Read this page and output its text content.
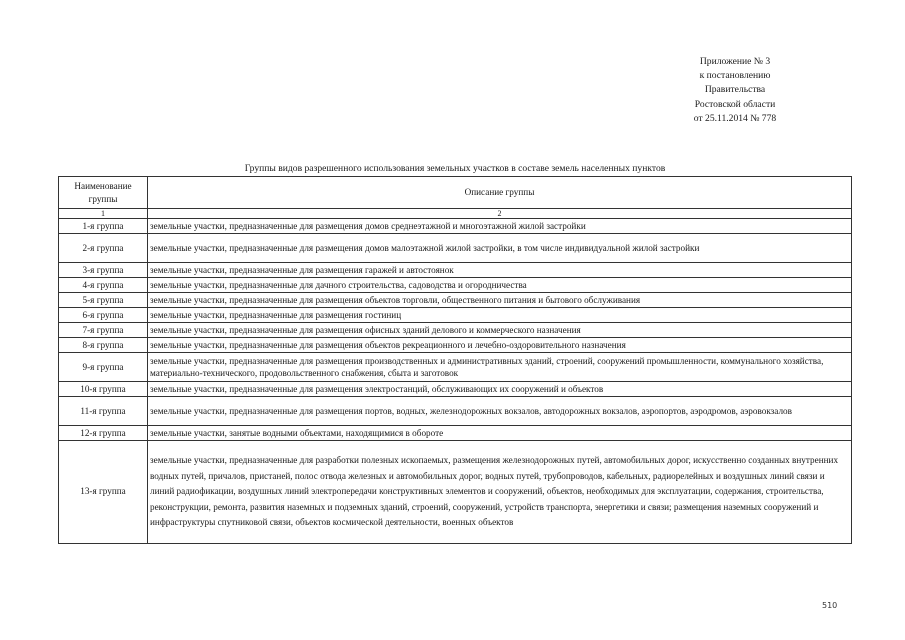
Приложение № 3
к постановлению
Правительства
Ростовской области
от 25.11.2014 № 778
Группы видов разрешенного использования земельных участков в составе земель населенных пунктов
Наименование группы	Описание группы
1	2
1-я группа	земельные участки, предназначенные для размещения домов среднеэтажной и многоэтажной жилой застройки
2-я группа	земельные участки, предназначенные для размещения домов малоэтажной жилой застройки, в том числе индивидуальной жилой застройки
3-я группа	земельные участки, предназначенные для размещения гаражей и автостоянок
4-я группа	земельные участки, предназначенные для дачного строительства, садоводства и огородничества
5-я группа	земельные участки, предназначенные для размещения объектов торговли, общественного питания и бытового обслуживания
6-я группа	земельные участки, предназначенные для размещения гостиниц
7-я группа	земельные участки, предназначенные для размещения офисных зданий делового и коммерческого назначения
8-я группа	земельные участки, предназначенные для размещения объектов рекреационного и лечебно-оздоровительного назначения
9-я группа	земельные участки, предназначенные для размещения производственных и административных зданий, строений, сооружений промышленности, коммунального хозяйства, материально-технического, продовольственного снабжения, сбыта и заготовок
10-я группа	земельные участки, предназначенные для размещения электростанций, обслуживающих их сооружений и объектов
11-я группа	земельные участки, предназначенные для размещения портов, водных, железнодорожных вокзалов, автодорожных вокзалов, аэропортов, аэродромов, аэровокзалов
12-я группа	земельные участки, занятые водными объектами, находящимися в обороте
13-я группа	земельные участки, предназначенные для разработки полезных ископаемых, размещения железнодорожных путей, автомобильных дорог, искусственно созданных внутренних водных путей, причалов, пристаней, полос отвода железных и автомобильных дорог, водных путей, трубопроводов, кабельных, радиорелейных и воздушных линий связи и линий радиофикации, воздушных линий электропередачи конструктивных элементов и сооружений, объектов, необходимых для эксплуатации, содержания, строительства, реконструкции, ремонта, развития наземных и подземных зданий, строений, сооружений, устройств транспорта, энергетики и связи; размещения наземных сооружений и инфраструктуры спутниковой связи, объектов космической деятельности, военных объектов
510
